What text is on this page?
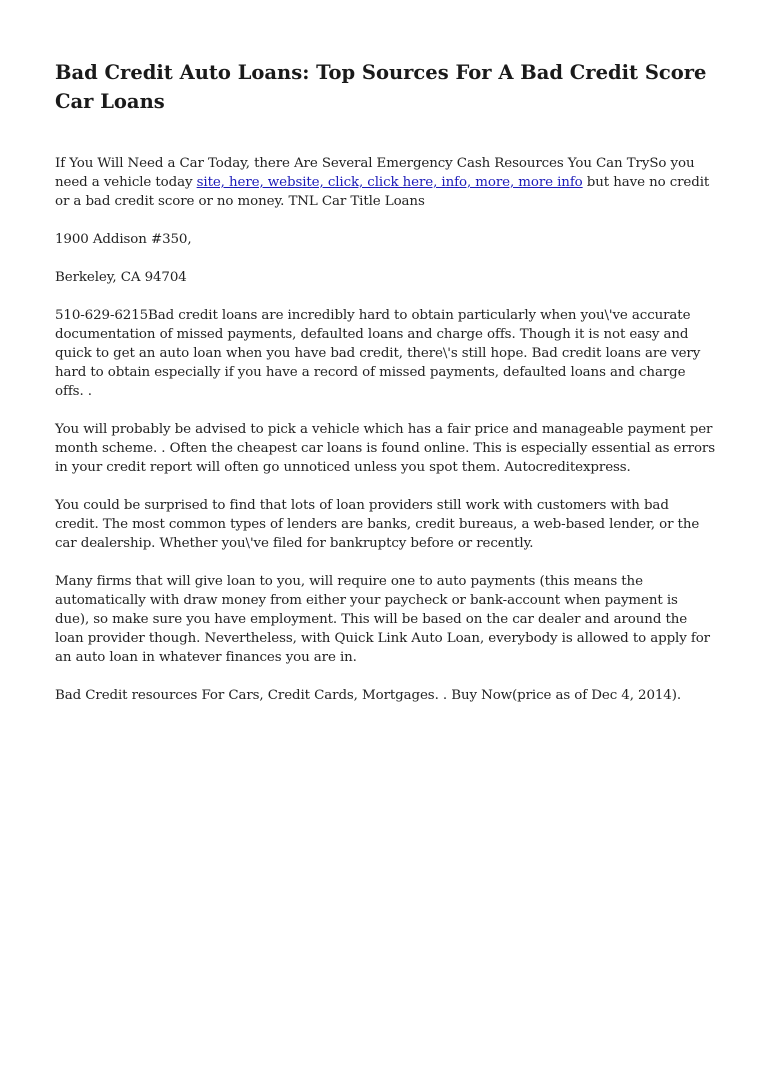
Bad Credit Auto Loans: Top Sources For A Bad Credit Score Car Loans

If You Will Need a Car Today, there Are Several Emergency Cash Resources You Can TrySo you need a vehicle today site, here, website, click, click here, info, more, more info but have no credit or a bad credit score or no money. TNL Car Title Loans

1900 Addison #350,

Berkeley, CA 94704

510-629-6215Bad credit loans are incredibly hard to obtain particularly when you\'ve accurate documentation of missed payments, defaulted loans and charge offs. Though it is not easy and quick to get an auto loan when you have bad credit, there\'s still hope. Bad credit loans are very hard to obtain especially if you have a record of missed payments, defaulted loans and charge offs. .

You will probably be advised to pick a vehicle which has a fair price and manageable payment per month scheme. . Often the cheapest car loans is found online. This is especially essential as errors in your credit report will often go unnoticed unless you spot them. Autocreditexpress.

You could be surprised to find that lots of loan providers still work with customers with bad credit. The most common types of lenders are banks, credit bureaus, a web-based lender, or the car dealership. Whether you\'ve filed for bankruptcy before or recently.

Many firms that will give loan to you, will require one to auto payments (this means the automatically with draw money from either your paycheck or bank-account when payment is due), so make sure you have employment. This will be based on the car dealer and around the loan provider though. Nevertheless, with Quick Link Auto Loan, everybody is allowed to apply for an auto loan in whatever finances you are in.

Bad Credit resources For Cars, Credit Cards, Mortgages. . Buy Now(price as of Dec 4, 2014).
